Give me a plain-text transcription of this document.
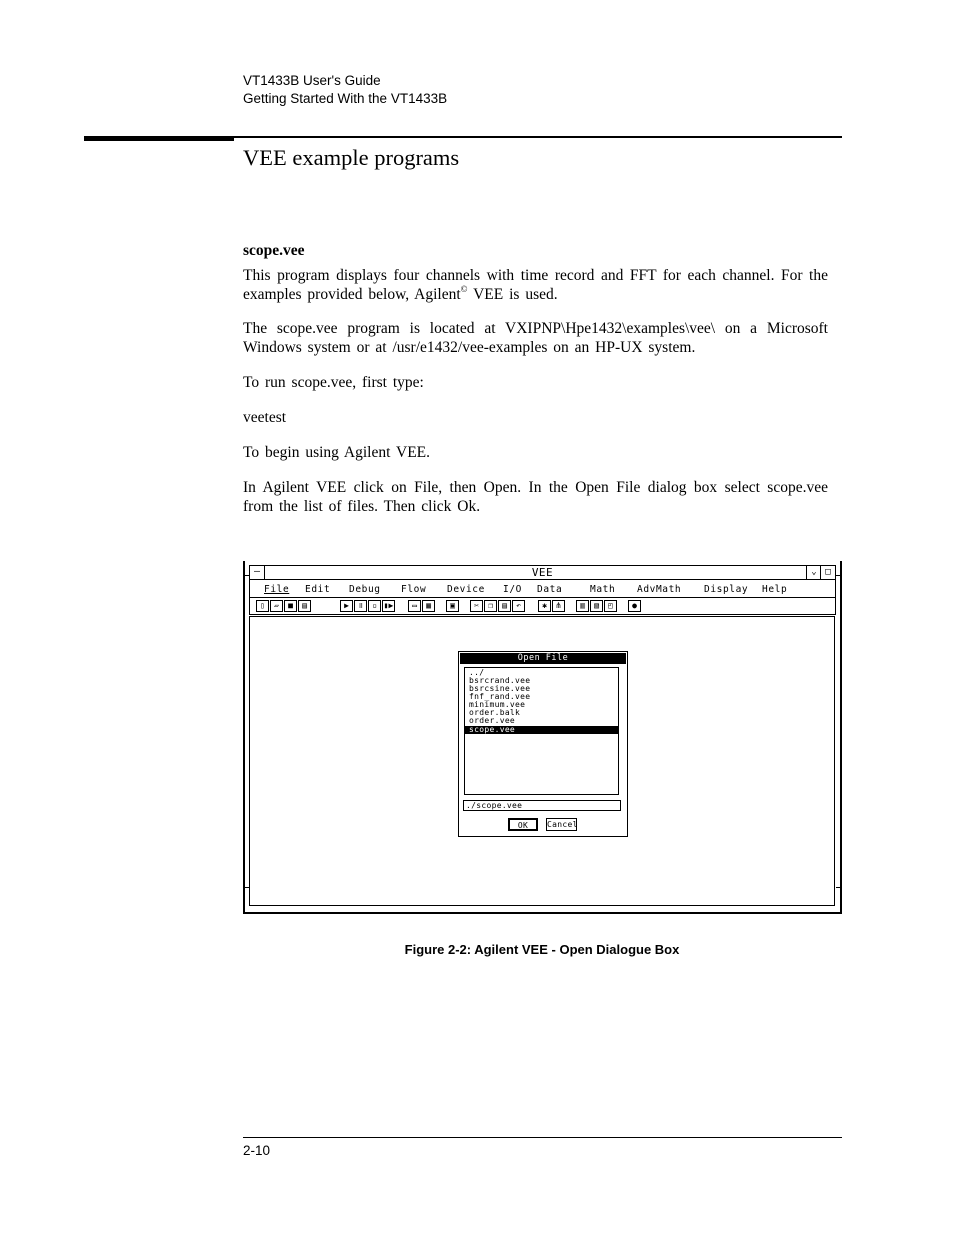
VT1433B User's Guide
Getting Started With the VT1433B
VEE example programs

scope.vee

This program displays four channels with time record and FFT for each channel. For the examples provided below, Agilent© VEE is used.

The scope.vee program is located at VXIPNP\Hpe1432\examples\vee\ on a Microsoft Windows system or at /usr/e1432/vee-examples on an HP-UX system.

To run scope.vee, first type:

veetest

To begin using Agilent VEE.

In Agilent VEE click on File, then Open. In the Open File dialog box select scope.vee from the list of files. Then click Ok.

—	VEE	⌄ □
File Edit Debug Flow Device I/O Data	Math AdvMath Display Help
▯	▱	■	▤	▶	॥	▫ ▮▶	▭	▦	▣	✂	❐	▤	↶	✱	⋔	▥	▧	◰	●
Open File
../
bsrcrand.vee
bsrcsine.vee
fnf_rand.vee
minimum.vee
order.balk
order.vee
scope.vee
./scope.vee
OK	Cancel
Figure 2-2: Agilent VEE - Open Dialogue Box
2-10
